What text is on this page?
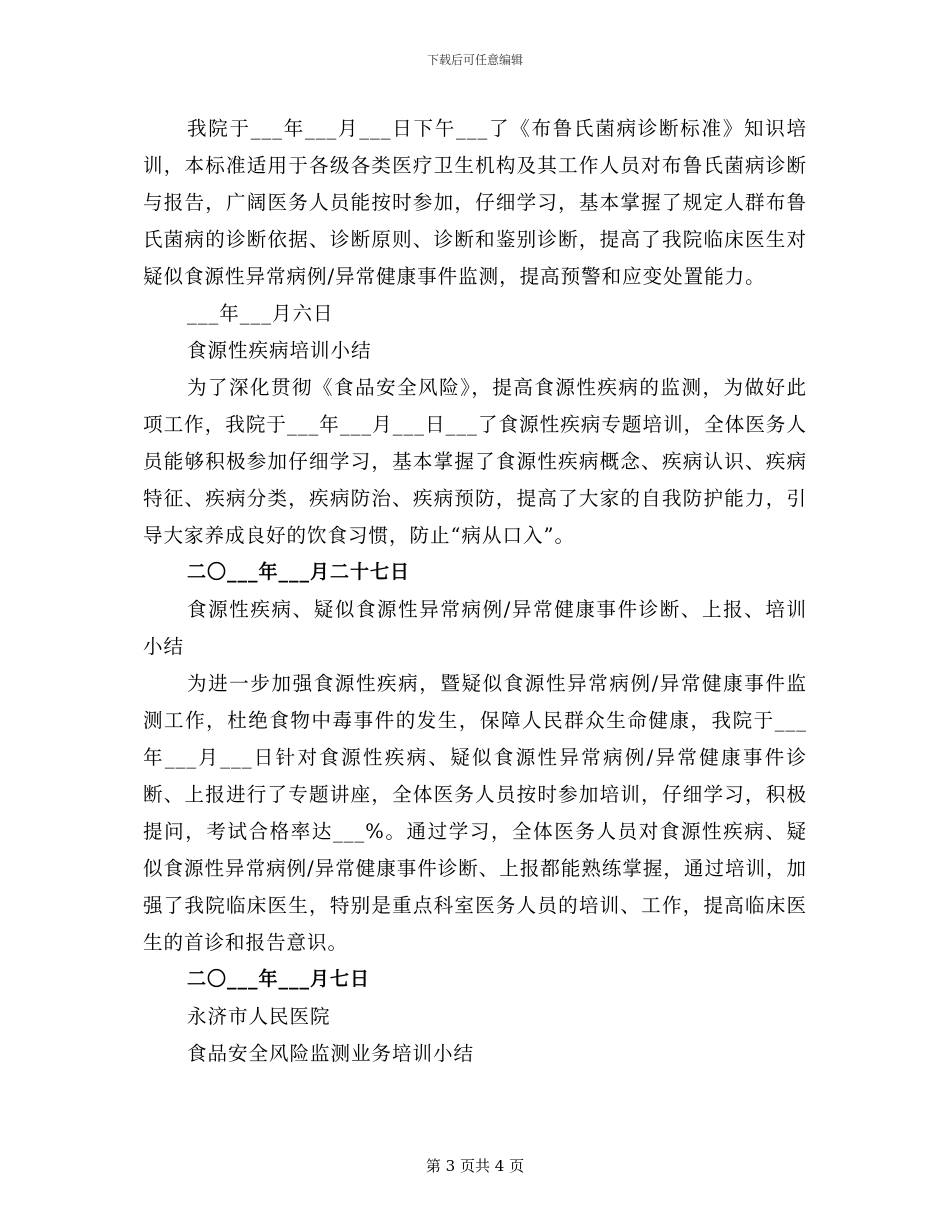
下载后可任意编辑

我院于___年___月___日下午___了《布鲁氏菌病诊断标准》知识培训，本标准适用于各级各类医疗卫生机构及其工作人员对布鲁氏菌病诊断与报告，广阔医务人员能按时参加，仔细学习，基本掌握了规定人群布鲁氏菌病的诊断依据、诊断原则、诊断和鉴别诊断，提高了我院临床医生对疑似食源性异常病例/异常健康事件监测，提高预警和应变处置能力。

___年___月六日

食源性疾病培训小结

为了深化贯彻《食品安全风险》，提高食源性疾病的监测，为做好此项工作，我院于___年___月___日___了食源性疾病专题培训，全体医务人员能够积极参加仔细学习，基本掌握了食源性疾病概念、疾病认识、疾病特征、疾病分类，疾病防治、疾病预防，提高了大家的自我防护能力，引导大家养成良好的饮食习惯，防止“病从口入”。

二〇___年___月二十七日

食源性疾病、疑似食源性异常病例/异常健康事件诊断、上报、培训小结

为进一步加强食源性疾病，暨疑似食源性异常病例/异常健康事件监测工作，杜绝食物中毒事件的发生，保障人民群众生命健康，我院于___年___月___日针对食源性疾病、疑似食源性异常病例/异常健康事件诊断、上报进行了专题讲座，全体医务人员按时参加培训，仔细学习，积极提问，考试合格率达___%。通过学习，全体医务人员对食源性疾病、疑似食源性异常病例/异常健康事件诊断、上报都能熟练掌握，通过培训，加强了我院临床医生，特别是重点科室医务人员的培训、工作，提高临床医生的首诊和报告意识。

二〇___年___月七日

永济市人民医院

食品安全风险监测业务培训小结

第 3 页共 4 页
